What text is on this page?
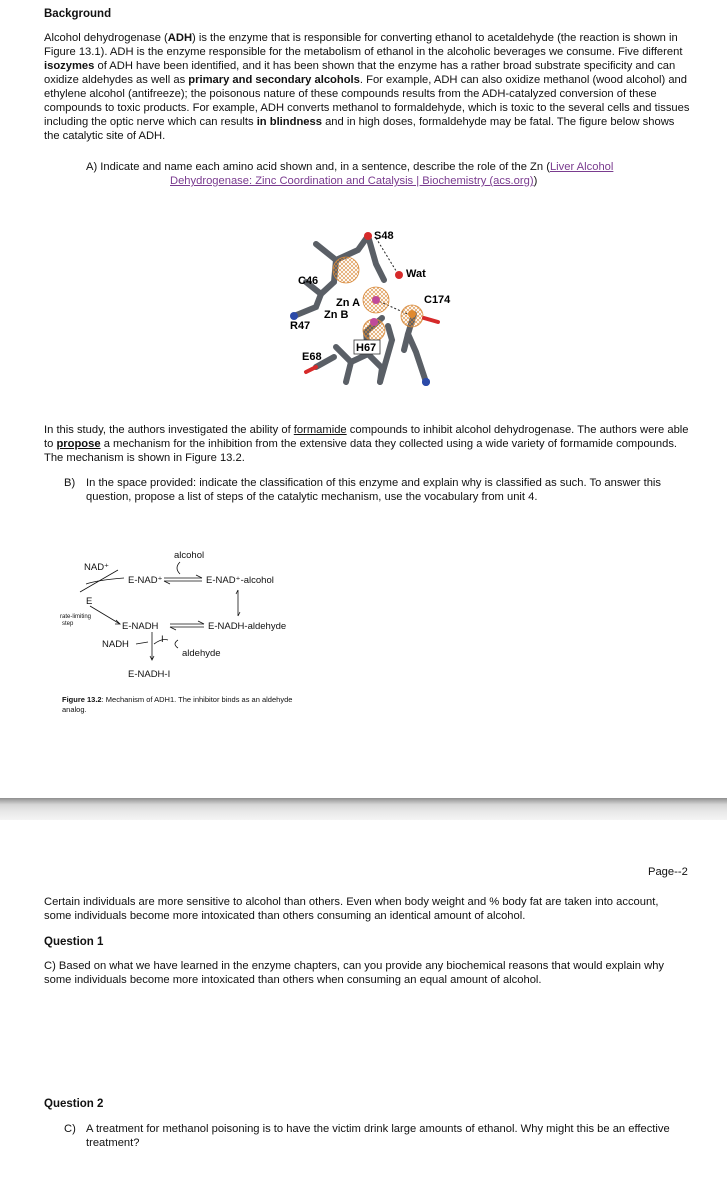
Background
Alcohol dehydrogenase (ADH) is the enzyme that is responsible for converting ethanol to acetaldehyde (the reaction is shown in Figure 13.1). ADH is the enzyme responsible for the metabolism of ethanol in the alcoholic beverages we consume. Five different isozymes of ADH have been identified, and it has been shown that the enzyme has a rather broad substrate specificity and can oxidize aldehydes as well as primary and secondary alcohols. For example, ADH can also oxidize methanol (wood alcohol) and ethylene alcohol (antifreeze); the poisonous nature of these compounds results from the ADH-catalyzed conversion of these compounds to toxic products. For example, ADH converts methanol to formaldehyde, which is toxic to the several cells and tissues including the optic nerve which can results in blindness and in high doses, formaldehyde may be fatal. The figure below shows the catalytic site of ADH.
A) Indicate and name each amino acid shown and, in a sentence, describe the role of the Zn (Liver Alcohol
Dehydrogenase: Zinc Coordination and Catalysis | Biochemistry (acs.org))
S48
Wat
C46
Zn A	C174
Zn B
R47
H67
E68
In this study, the authors investigated the ability of formamide compounds to inhibit alcohol dehydrogenase. The authors were able to propose a mechanism for the inhibition from the extensive data they collected using a wide variety of formamide compounds. The mechanism is shown in Figure 13.2.
B) In the space provided: indicate the classification of this enzyme and explain why is classified as such. To answer this question, propose a list of steps of the catalytic mechanism, use the vocabulary from unit 4.
alcohol
NAD⁺
E-NAD⁺	E-NAD⁺-alcohol
E
rate-limiting
step	E-NADH	E-NADH-aldehyde
NADH	I
aldehyde
E-NADH-I
Figure 13.2: Mechanism of ADH1. The inhibitor binds as an aldehyde analog.
Page--2
Certain individuals are more sensitive to alcohol than others. Even when body weight and % body fat are taken into account, some individuals become more intoxicated than others consuming an identical amount of alcohol.
Question 1
C) Based on what we have learned in the enzyme chapters, can you provide any biochemical reasons that would explain why some individuals become more intoxicated than others when consuming an equal amount of alcohol.
Question 2
C) A treatment for methanol poisoning is to have the victim drink large amounts of ethanol. Why might this be an effective treatment?
